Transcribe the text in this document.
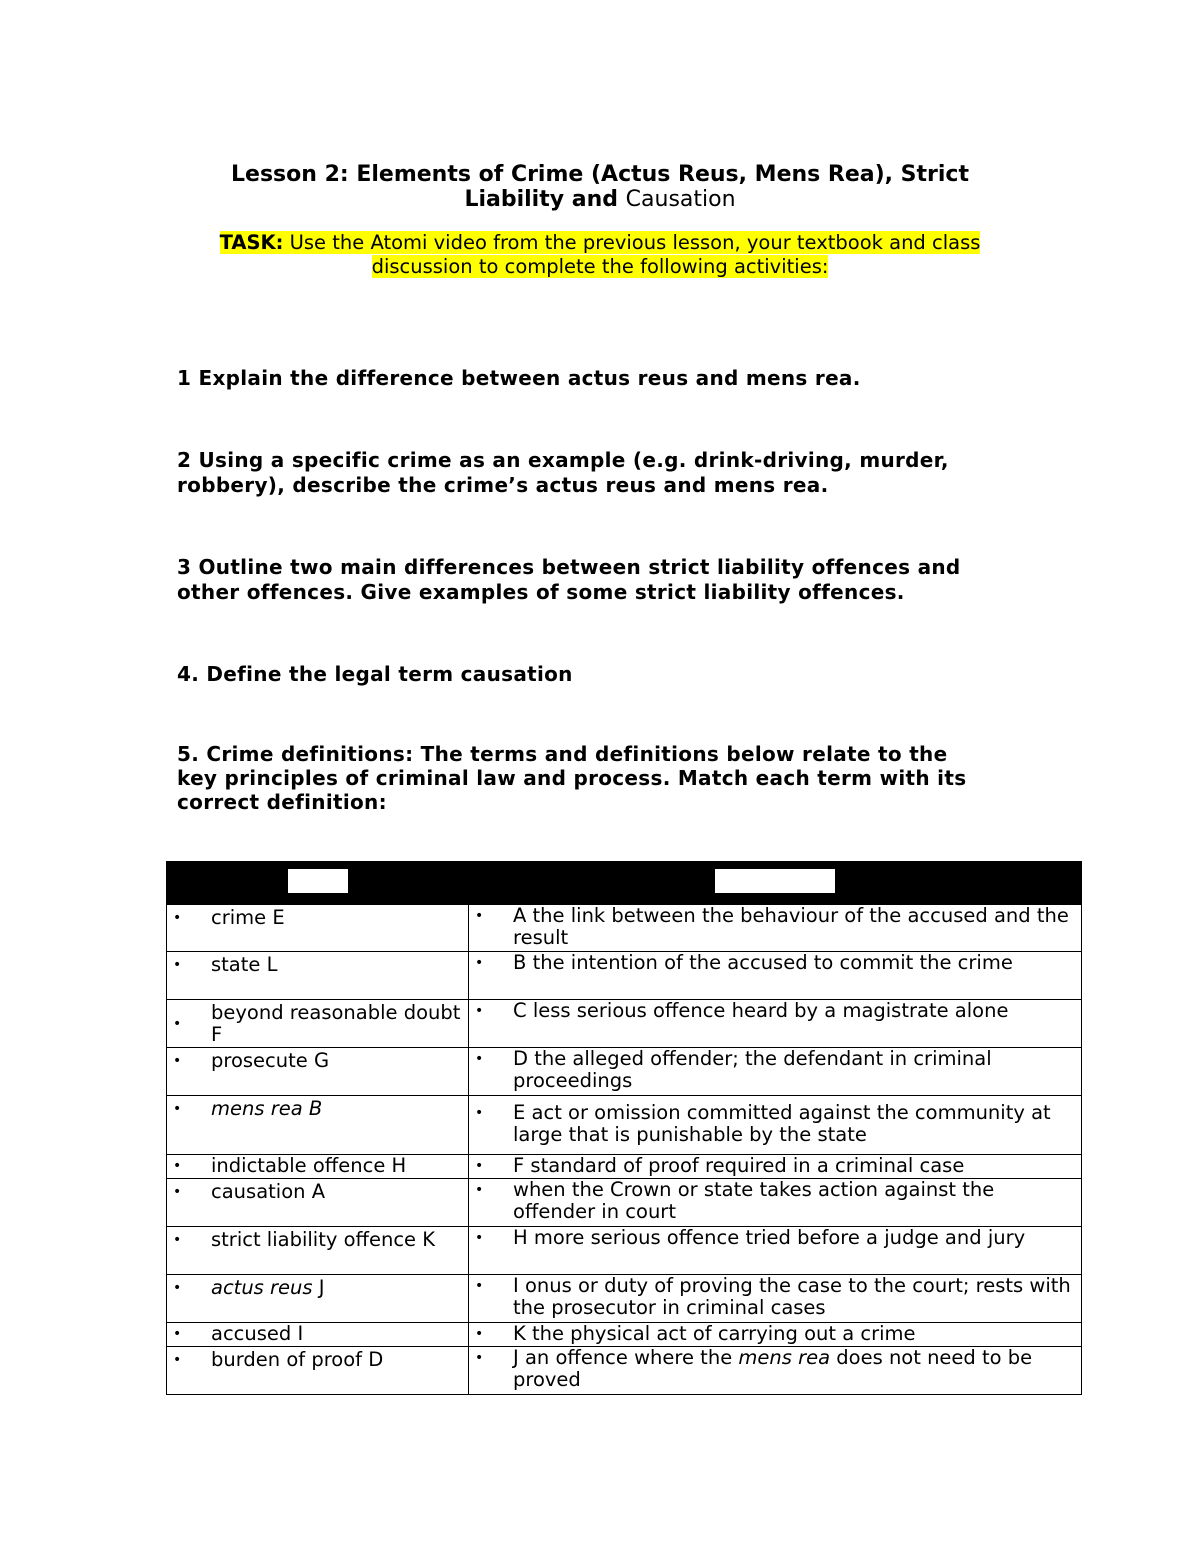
Lesson 2: Elements of Crime (Actus Reus, Mens Rea), Strict
Liability and Causation
TASK: Use the Atomi video from the previous lesson, your textbook and class
discussion to complete the following activities:
1 Explain the difference between actus reus and mens rea.
2 Using a specific crime as an example (e.g. drink-driving, murder,
robbery), describe the crime’s actus reus and mens rea.
3 Outline two main differences between strict liability offences and
other offences. Give examples of some strict liability offences.
4. Define the legal term causation
5. Crime definitions: The terms and definitions below relate to the
key principles of criminal law and process. Match each term with its
correct definition:

• crime E	• A the link between the behaviour of the accused and the result

• state L	• B the intention of the accused to commit the crime

• beyond reasonable doubt F	• C less serious offence heard by a magistrate alone

• prosecute G	• D the alleged offender; the defendant in criminal proceedings

• mens rea B	• E act or omission committed against the community at large that is punishable by the state

• indictable offence H	• F standard of proof required in a criminal case

• causation A	• when the Crown or state takes action against the offender in court

• strict liability offence K	• H more serious offence tried before a judge and jury

• actus reus J	• I onus or duty of proving the case to the court; rests with the prosecutor in criminal cases

• accused I	• K the physical act of carrying out a crime

• burden of proof D	• J an offence where the mens rea does not need to be proved
